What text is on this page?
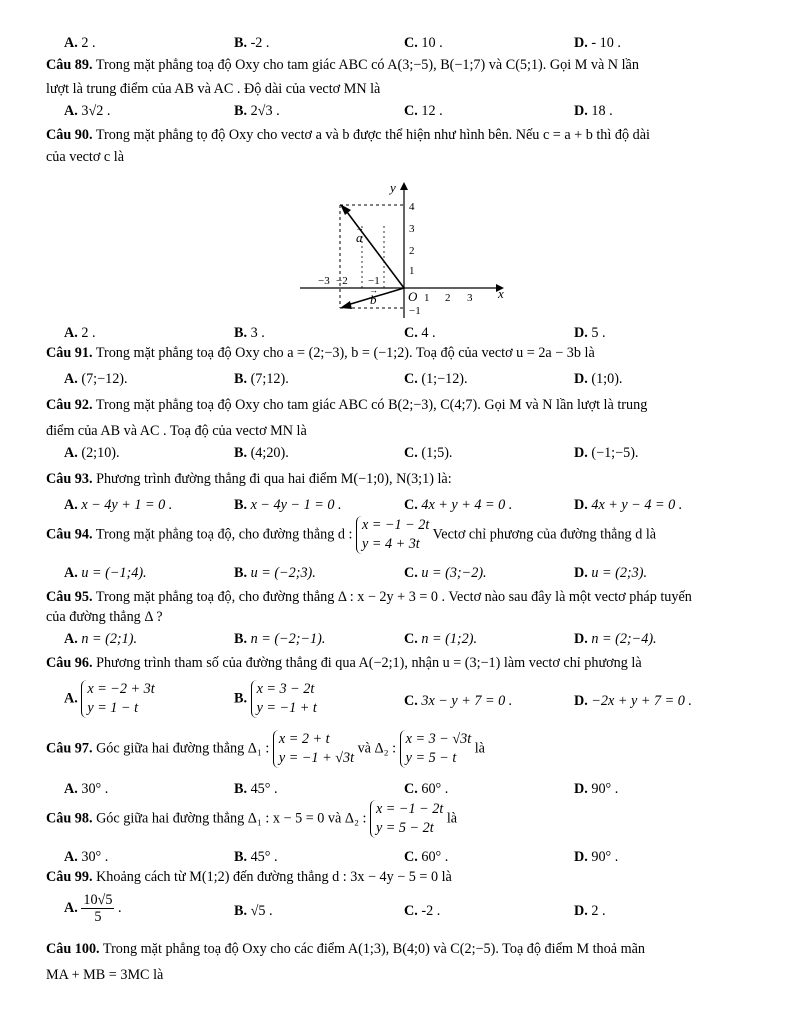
A. 2 .	B. -2 .	C. 10 .	D. - 10 .
Câu 89. Trong mặt phẳng toạ độ Oxy cho tam giác ABC có A(3;−5), B(−1;7) và C(5;1). Gọi M và N lần
lượt là trung điểm của AB và AC . Độ dài của vectơ MN là
A. 3√2 .	B. 2√3 .	C. 12 .	D. 18 .
Câu 90. Trong mặt phẳng tọ độ Oxy cho vectơ a và b được thể hiện như hình bên. Nếu c = a + b thì độ dài
của vectơ c là
y
x
O
a
→
b
→
−3 −2 −1
1 2 3
4
3
2
1
−1
A. 2 .	B. 3 .	C. 4 .	D. 5 .
Câu 91. Trong mặt phẳng toạ độ Oxy cho a = (2;−3), b = (−1;2). Toạ độ của vectơ u = 2a − 3b là
A. (7;−12).	B. (7;12).	C. (1;−12).	D. (1;0).
Câu 92. Trong mặt phẳng toạ độ Oxy cho tam giác ABC có B(2;−3), C(4;7). Gọi M và N lần lượt là trung
điểm của AB và AC . Toạ độ của vectơ MN là
A. (2;10).	B. (4;20).	C. (1;5).	D. (−1;−5).
Câu 93. Phương trình đường thẳng đi qua hai điểm M(−1;0), N(3;1) là:
A. x − 4y + 1 = 0 .	B. x − 4y − 1 = 0 .	C. 4x + y + 4 = 0 .	D. 4x + y − 4 = 0 .
Câu 94. Trong mặt phẳng toạ độ, cho đường thẳng d : x = −1 − 2t
y = 4 + 3t Vectơ chỉ phương của đường thẳng d là
A. u = (−1;4).	B. u = (−2;3).	C. u = (3;−2).	D. u = (2;3).
Câu 95. Trong mặt phẳng toạ độ, cho đường thẳng Δ : x − 2y + 3 = 0 . Vectơ nào sau đây là một vectơ pháp tuyến
của đường thẳng Δ ?
A. n = (2;1).	B. n = (−2;−1).	C. n = (1;2).	D. n = (2;−4).
Câu 96. Phương trình tham số của đường thẳng đi qua A(−2;1), nhận u = (3;−1) làm vectơ chỉ phương là
A. x = −2 + 3t
y = 1 − t
B. x = 3 − 2t
y = −1 + t	C. 3x − y + 7 = 0 .	D. −2x + y + 7 = 0 .
Câu 97. Góc giữa hai đường thẳng Δ₁ : x = 2 + t
y = −1 + √3t và Δ₂ : x = 3 − √3t
y = 5 − t là
A. 30° .	B. 45° .	C. 60° .	D. 90° .
Câu 98. Góc giữa hai đường thẳng Δ₁ : x − 5 = 0 và Δ₂ : x = −1 − 2t
y = 5 − 2t là
A. 30° .	B. 45° .	C. 60° .	D. 90° .
Câu 99. Khoảng cách từ M(1;2) đến đường thẳng d : 3x − 4y − 5 = 0 là
A. $\frac{10√5}{5}$ .	B. √5 .	C. -2 .	D. 2 .
Câu 100. Trong mặt phẳng toạ độ Oxy cho các điểm A(1;3), B(4;0) và C(2;−5). Toạ độ điểm M thoả mãn
MA + MB = 3MC là
